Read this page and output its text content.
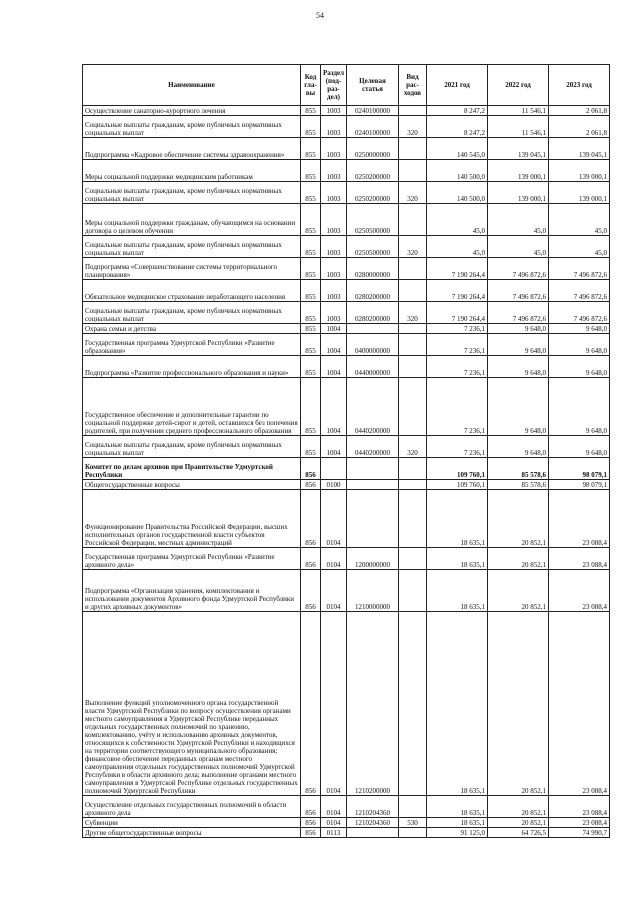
54
Наименование	Код гла-вы	Раздел (под-раз-дел)	Целевая статья	Вид рас-ходов	2021 год	2022 год	2023 год
Осуществление санаторно-курортного лечения	855	1003	0240100000		8 247,2	11 546,1	2 061,8
Социальные выплаты гражданам, кроме публичных нормативных социальных выплат	855	1003	0240100000	320	8 247,2	11 546,1	2 061,8
Подпрограмма «Кадровое обеспечение системы здравоохранения»	855	1003	0250000000		140 545,0	139 045,1	139 045,1
Меры социальной поддержки медицинским работникам	855	1003	0250200000		140 500,0	139 000,1	139 000,1
Социальные выплаты гражданам, кроме публичных нормативных социальных выплат	855	1003	0250200000	320	140 500,0	139 000,1	139 000,1
Меры социальной поддержки гражданам, обучающимся на основании договора о целевом обучении	855	1003	0250500000		45,0	45,0	45,0
Социальные выплаты гражданам, кроме публичных нормативных социальных выплат	855	1003	0250500000	320	45,0	45,0	45,0
Подпрограмма «Совершенствование системы территориального планирования»	855	1003	0280000000		7 190 264,4	7 496 872,6	7 496 872,6
Обязательное медицинское страхование неработающего населения	855	1003	0280200000		7 190 264,4	7 496 872,6	7 496 872,6
Социальные выплаты гражданам, кроме публичных нормативных социальных выплат	855	1003	0280200000	320	7 190 264,4	7 496 872,6	7 496 872,6
Охрана семьи и детства	855	1004			7 236,1	9 648,0	9 648,0
Государственная программа Удмуртской Республики «Развитие образования»	855	1004	0400000000		7 236,1	9 648,0	9 648,0
Подпрограмма «Развитие профессионального образования и науки»	855	1004	0440000000		7 236,1	9 648,0	9 648,0
Государственное обеспечение и дополнительные гарантии по социальной поддержке детей-сирот и детей, оставшихся без попечения родителей, при получении среднего профессионального образования	855	1004	0440200000		7 236,1	9 648,0	9 648,0
Социальные выплаты гражданам, кроме публичных нормативных социальных выплат	855	1004	0440200000	320	7 236,1	9 648,0	9 648,0
Комитет по делам архивов при Правительстве Удмуртской Республики	856				109 760,1	85 578,6	98 079,1
Общегосударственные вопросы	856	0100			109 760,1	85 578,6	98 079,1
Функционирование Правительства Российской Федерации, высших исполнительных органов государственной власти субъектов Российской Федерации, местных администраций	856	0104			18 635,1	20 852,1	23 088,4
Государственная программа Удмуртской Республики «Развитие архивного дела»	856	0104	1200000000		18 635,1	20 852,1	23 088,4
Подпрограмма «Организация хранения, комплектования и использования документов Архивного фонда Удмуртской Республики и других архивных документов»	856	0104	1210000000		18 635,1	20 852,1	23 088,4
Выполнение функций уполномоченного органа государственной власти Удмуртской Республики по вопросу осуществления органами местного самоуправления в Удмуртской Республике переданных отдельных государственных полномочий по хранению, комплектованию, учёту и использованию архивных документов, относящихся к собственности Удмуртской Республики и находящихся на территории соответствующего муниципального образования; финансовое обеспечение переданных органам местного самоуправления отдельных государственных полномочий Удмуртской Республики в области архивного дела; выполнение органами местного самоуправления в Удмуртской Республике отдельных государственных полномочий Удмуртской Республики	856	0104	1210200000		18 635,1	20 852,1	23 088,4
Осуществление отдельных государственных полномочий в области архивного дела	856	0104	1210204360		18 635,1	20 852,1	23 088,4
Субвенции	856	0104	1210204360	530	18 635,1	20 852,1	23 088,4
Другие общегосударственные вопросы	856	0113			91 125,0	64 726,5	74 990,7
